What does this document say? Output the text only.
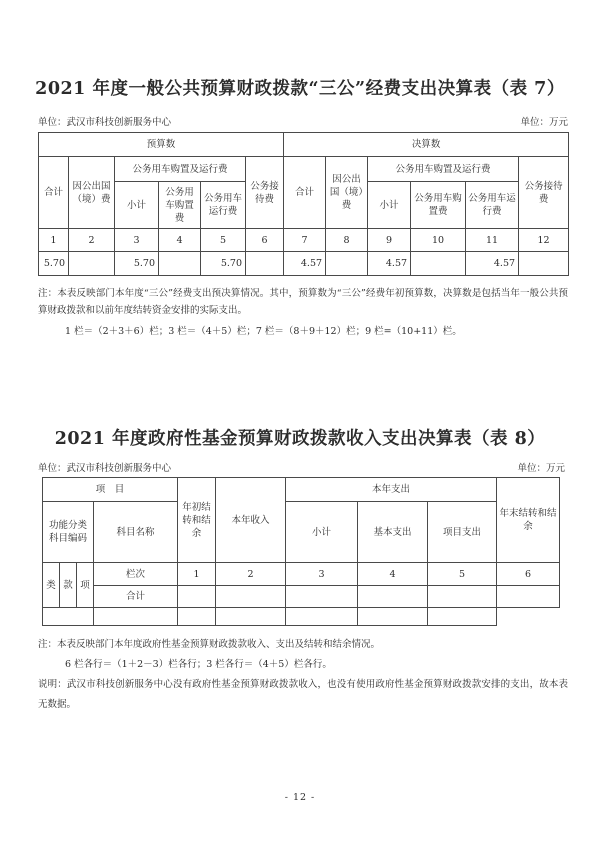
2021 年度一般公共预算财政拨款“三公”经费支出决算表（表 7）
单位：武汉市科技创新服务中心	单位：万元
预算数						决算数					
合计	因公出国（境）费	公务用车购置及运行费			公务接待费	合计	因公出国（境）费	公务用车购置及运行费			公务接待费
		小计	公务用车购置费	公务用车运行费				小计	公务用车购置费	公务用车运行费	
1	2	3	4	5	6	7	8	9	10	11	12
5.70		5.70		5.70		4.57		4.57		4.57	

注：本表反映部门本年度“三公”经费支出预决算情况。其中，预算数为“三公”经费年初预算数，决算数是包括当年一般公共预算财政拨款和以前年度结转资金安排的实际支出。

1 栏＝（2＋3＋6）栏；3 栏＝（4＋5）栏；7 栏＝（8＋9＋12）栏；9 栏=（10+11）栏。

2021 年度政府性基金预算财政拨款收入支出决算表（表 8）
单位：武汉市科技创新服务中心	单位：万元
项　目				年初结转和结余	本年收入	本年支出			年末结转和结余
功能分类科目编码			科目名称			小计	基本支出	项目支出	
类	款	项	栏次	1	2	3	4	5	6
			合计						

注：本表反映部门本年度政府性基金预算财政拨款收入、支出及结转和结余情况。

6 栏各行＝（1＋2－3）栏各行；3 栏各行＝（4＋5）栏各行。

说明：武汉市科技创新服务中心没有政府性基金预算财政拨款收入，也没有使用政府性基金预算财政拨款安排的支出，故本表无数据。

- 12 -
